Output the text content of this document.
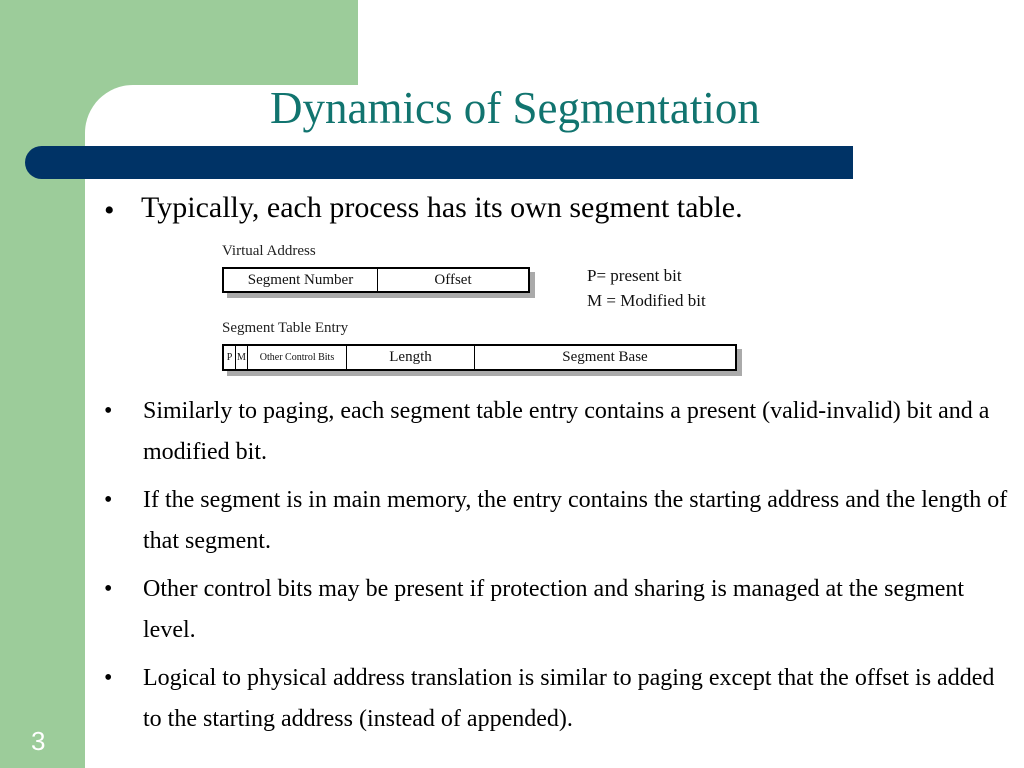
Dynamics of Segmentation
• Typically, each process has its own segment table.
Virtual Address
Segment Number	Offset
Segment Table Entry
P M	Other Control Bits	Length	Segment Base
P= present bit
M = Modified bit
• Similarly to paging, each segment table entry contains a present (valid-invalid) bit and a modified bit.
• If the segment is in main memory, the entry contains the starting address and the length of that segment.
• Other control bits may be present if protection and sharing is managed at the segment level.
• Logical to physical address translation is similar to paging except that the offset is added to the starting address (instead of appended).
3
